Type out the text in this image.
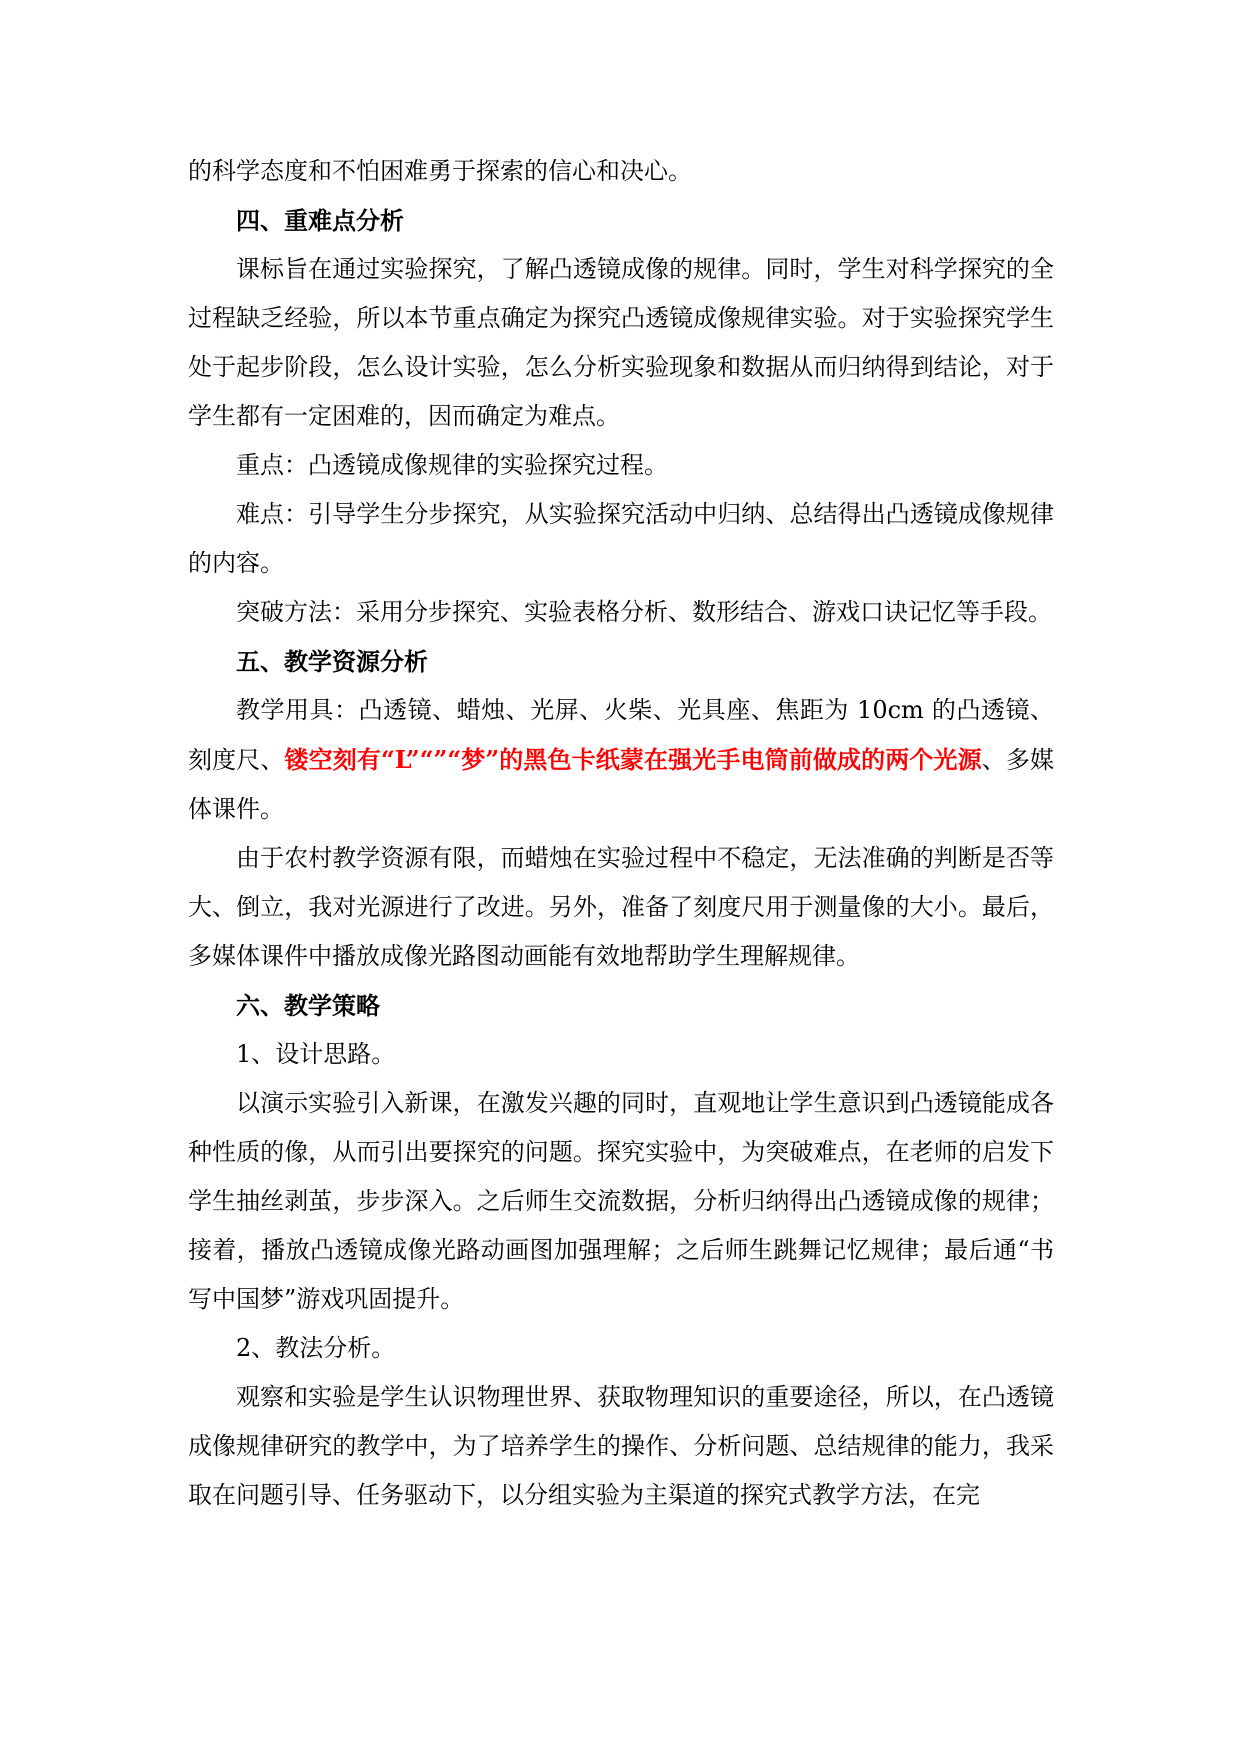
的科学态度和不怕困难勇于探索的信心和决心。

四、重难点分析

课标旨在通过实验探究，了解凸透镜成像的规律。同时，学生对科学探究的全过程缺乏经验，所以本节重点确定为探究凸透镜成像规律实验。对于实验探究学生处于起步阶段，怎么设计实验，怎么分析实验现象和数据从而归纳得到结论，对于学生都有一定困难的，因而确定为难点。

重点：凸透镜成像规律的实验探究过程。

难点：引导学生分步探究，从实验探究活动中归纳、总结得出凸透镜成像规律的内容。

突破方法：采用分步探究、实验表格分析、数形结合、游戏口诀记忆等手段。

五、教学资源分析

教学用具：凸透镜、蜡烛、光屏、火柴、光具座、焦距为 10cm 的凸透镜、刻度尺、镂空刻有“L”“”“梦”的黑色卡纸蒙在强光手电筒前做成的两个光源、多媒体课件。

由于农村教学资源有限，而蜡烛在实验过程中不稳定，无法准确的判断是否等大、倒立，我对光源进行了改进。另外，准备了刻度尺用于测量像的大小。最后，多媒体课件中播放成像光路图动画能有效地帮助学生理解规律。

六、教学策略

1、设计思路。

以演示实验引入新课，在激发兴趣的同时，直观地让学生意识到凸透镜能成各种性质的像，从而引出要探究的问题。探究实验中，为突破难点，在老师的启发下学生抽丝剥茧，步步深入。之后师生交流数据，分析归纳得出凸透镜成像的规律；接着，播放凸透镜成像光路动画图加强理解；之后师生跳舞记忆规律；最后通“书写中国梦”游戏巩固提升。

2、教法分析。

观察和实验是学生认识物理世界、获取物理知识的重要途径，所以，在凸透镜成像规律研究的教学中，为了培养学生的操作、分析问题、总结规律的能力，我采取在问题引导、任务驱动下，以分组实验为主渠道的探究式教学方法，在完
